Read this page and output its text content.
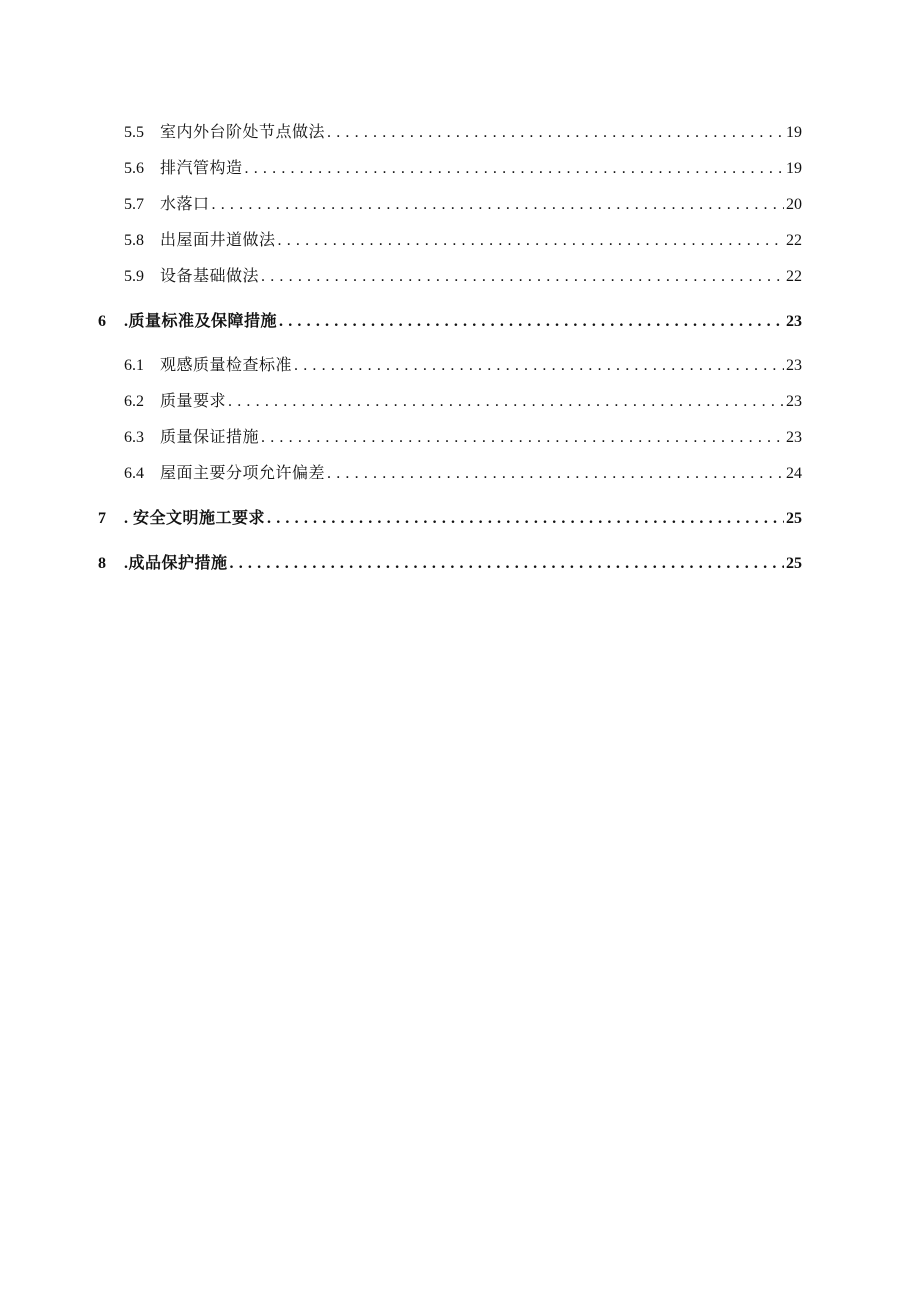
5.5	室内外台阶处节点做法 . . .	19
5.6	排汽管构造 . . .	19
5.7	水落口 . . .	20
5.8	出屋面井道做法 . . .	22
5.9	设备基础做法 . . .	22
6	.质量标准及保障措施 . . .	23
6.1	观感质量检查标准 . . .	23
6.2	质量要求 . . .	23
6.3	质量保证措施 . . .	23
6.4	屋面主要分项允许偏差 . . .	24
7	. 安全文明施工要求 . . .	25
8	.成品保护措施 . . .	25
